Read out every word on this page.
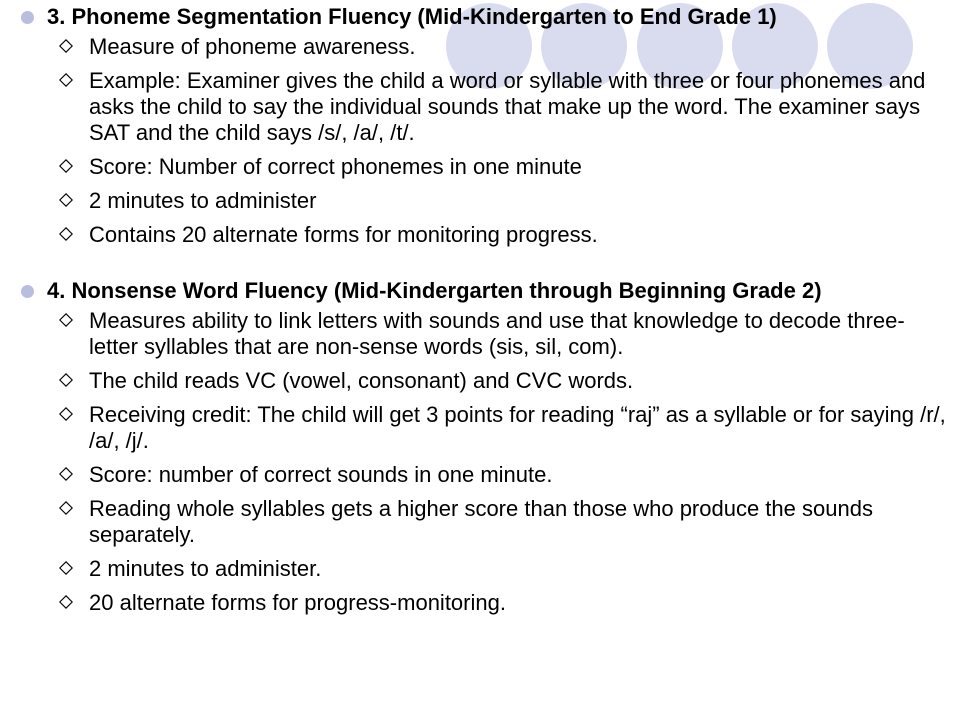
3. Phoneme Segmentation Fluency (Mid-Kindergarten to End Grade 1)
Measure of phoneme awareness.
Example: Examiner gives the child a word or syllable with three or four phonemes and asks the child to say the individual sounds that make up the word. The examiner says SAT and the child says /s/, /a/, /t/.
Score: Number of correct phonemes in one minute
2 minutes to administer
Contains 20 alternate forms for monitoring progress.
4. Nonsense Word Fluency (Mid-Kindergarten through Beginning Grade 2)
Measures ability to link letters with sounds and use that knowledge to decode three-letter syllables that are non-sense words (sis, sil, com).
The child reads VC (vowel, consonant) and CVC words.
Receiving credit: The child will get 3 points for reading “raj” as a syllable or for saying /r/, /a/, /j/.
Score: number of correct sounds in one minute.
Reading whole syllables gets a higher score than those who produce the sounds separately.
2 minutes to administer.
20 alternate forms for progress-monitoring.
